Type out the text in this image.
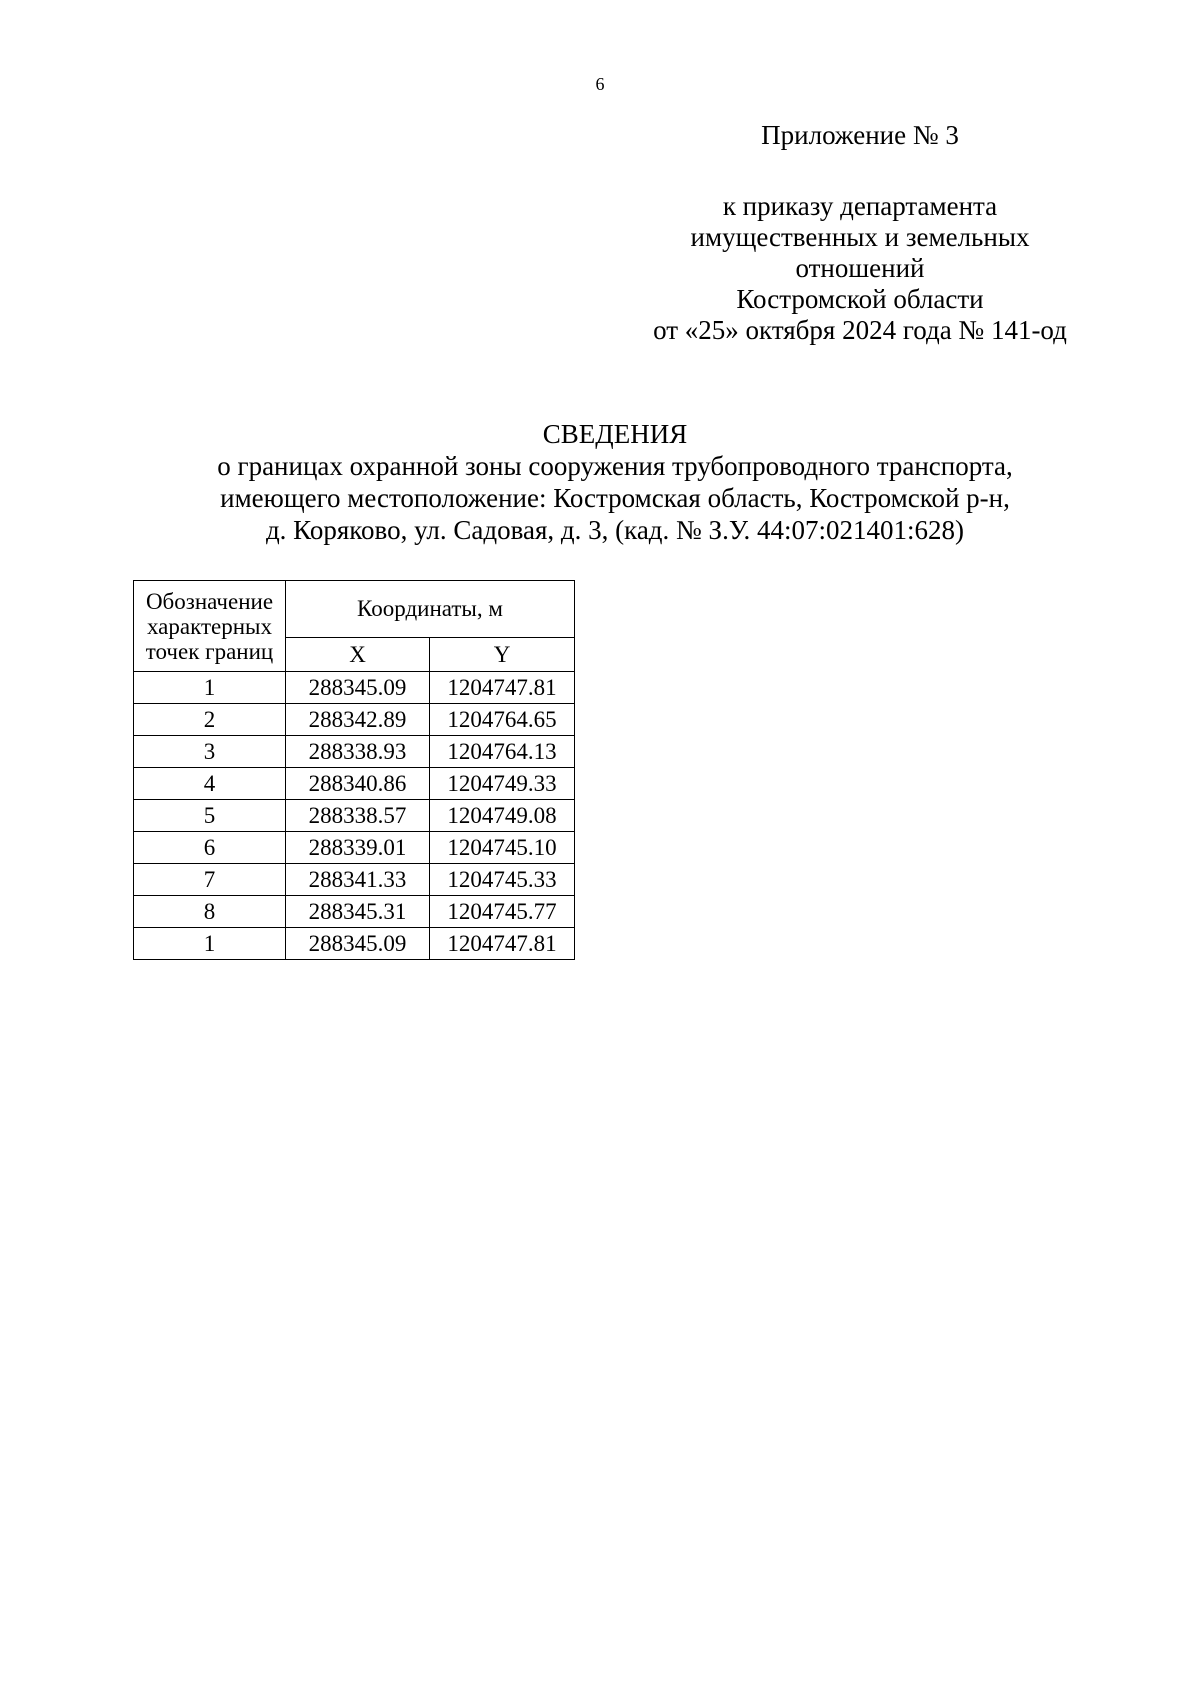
6
Приложение № 3
к приказу департамента
имущественных и земельных
отношений
Костромской области
от «25» октября 2024 года № 141-од
СВЕДЕНИЯ
о границах охранной зоны сооружения трубопроводного транспорта,
имеющего местоположение: Костромская область, Костромской р-н,
д. Коряково, ул. Садовая, д. 3, (кад. № З.У. 44:07:021401:628)
Обозначение
характерных
точек границ	Координаты, м	
	X	Y
1	288345.09	1204747.81
2	288342.89	1204764.65
3	288338.93	1204764.13
4	288340.86	1204749.33
5	288338.57	1204749.08
6	288339.01	1204745.10
7	288341.33	1204745.33
8	288345.31	1204745.77
1	288345.09	1204747.81
